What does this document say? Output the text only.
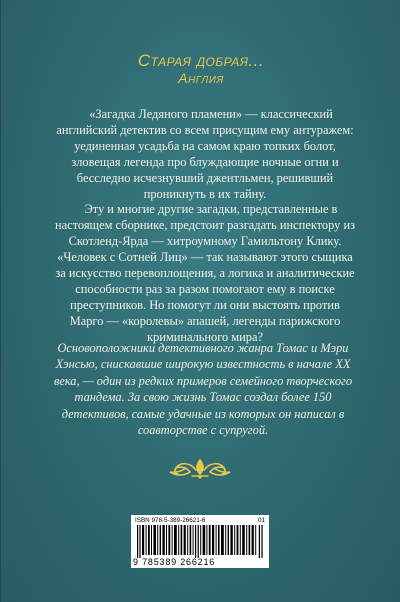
Старая добрая...
Англия

«Загадка Ледяного пламени» — классический английский детектив со всем присущим ему антуражем: уединенная усадьба на самом краю топких болот, зловещая легенда про блуждающие ночные огни и бесследно исчезнувший джентльмен, решивший проникнуть в их тайну.

Эту и многие другие загадки, представленные в настоящем сборнике, предстоит разгадать инспектору из Скотленд-Ярда — хитроумному Гамильтону Клику. «Человек с Сотней Лиц» — так называют этого сыщика за искусство перевоплощения, а логика и аналитические способности раз за разом помогают ему в поиске преступников. Но помогут ли они выстоять против Марго — «королевы» апашей, легенды парижского криминального мира?

Основоположники детективного жанра Томас и Мэри Хэнсью, снискавшие широкую известность в начале XX века, — один из редких примеров семейного творческого тандема. За свою жизнь Томас создал более 150 детективов, самые удачные из которых он написал в соавторстве с супругой.
ISBN 978-5-389-26621-6	01
9 785389 266216
